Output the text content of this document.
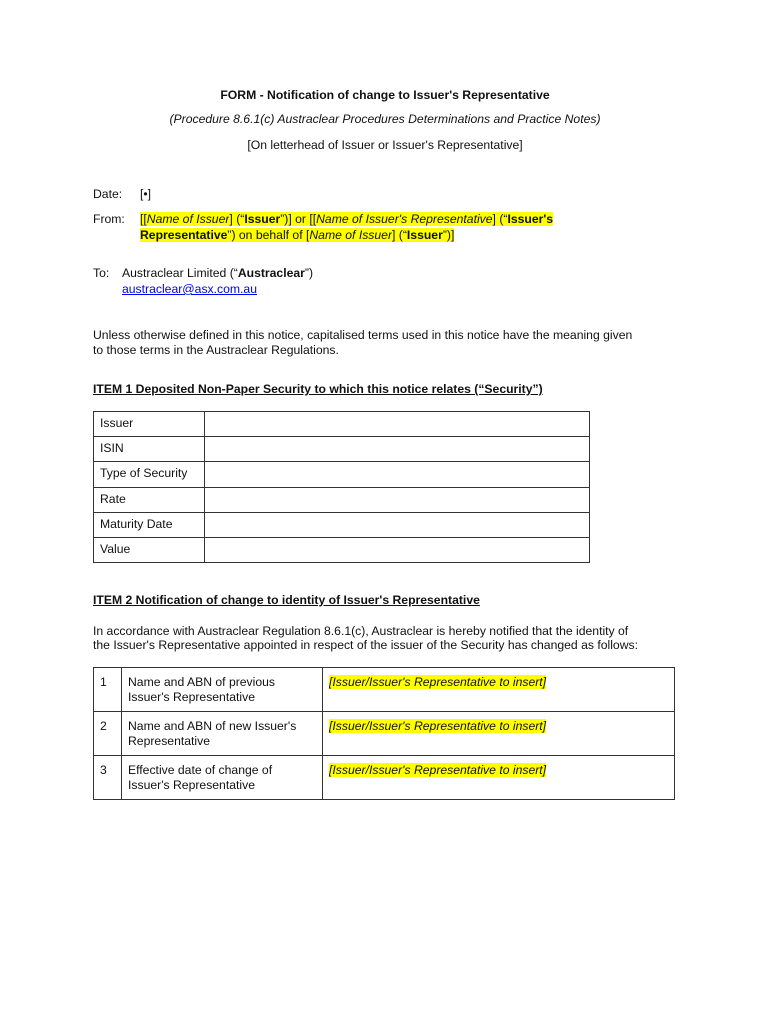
FORM - Notification of change to Issuer's Representative
(Procedure 8.6.1(c) Austraclear Procedures Determinations and Practice Notes)
[On letterhead of Issuer or Issuer's Representative]
Date: [•]
From: [[Name of Issuer] (“Issuer”)] or [[Name of Issuer's Representative] (“Issuer's
Representative”) on behalf of [Name of Issuer] (“Issuer”)]
To: Austraclear Limited (“Austraclear”)
austraclear@asx.com.au
Unless otherwise defined in this notice, capitalised terms used in this notice have the meaning given
to those terms in the Austraclear Regulations.
ITEM 1 Deposited Non-Paper Security to which this notice relates (“Security”)
Issuer	
ISIN	
Type of Security	
Rate	
Maturity Date	
Value	
ITEM 2 Notification of change to identity of Issuer's Representative
In accordance with Austraclear Regulation 8.6.1(c), Austraclear is hereby notified that the identity of
the Issuer's Representative appointed in respect of the issuer of the Security has changed as follows:
1	Name and ABN of previous
Issuer's Representative	[Issuer/Issuer's Representative to insert]
2	Name and ABN of new Issuer's
Representative	[Issuer/Issuer's Representative to insert]
3	Effective date of change of
Issuer's Representative	[Issuer/Issuer's Representative to insert]
